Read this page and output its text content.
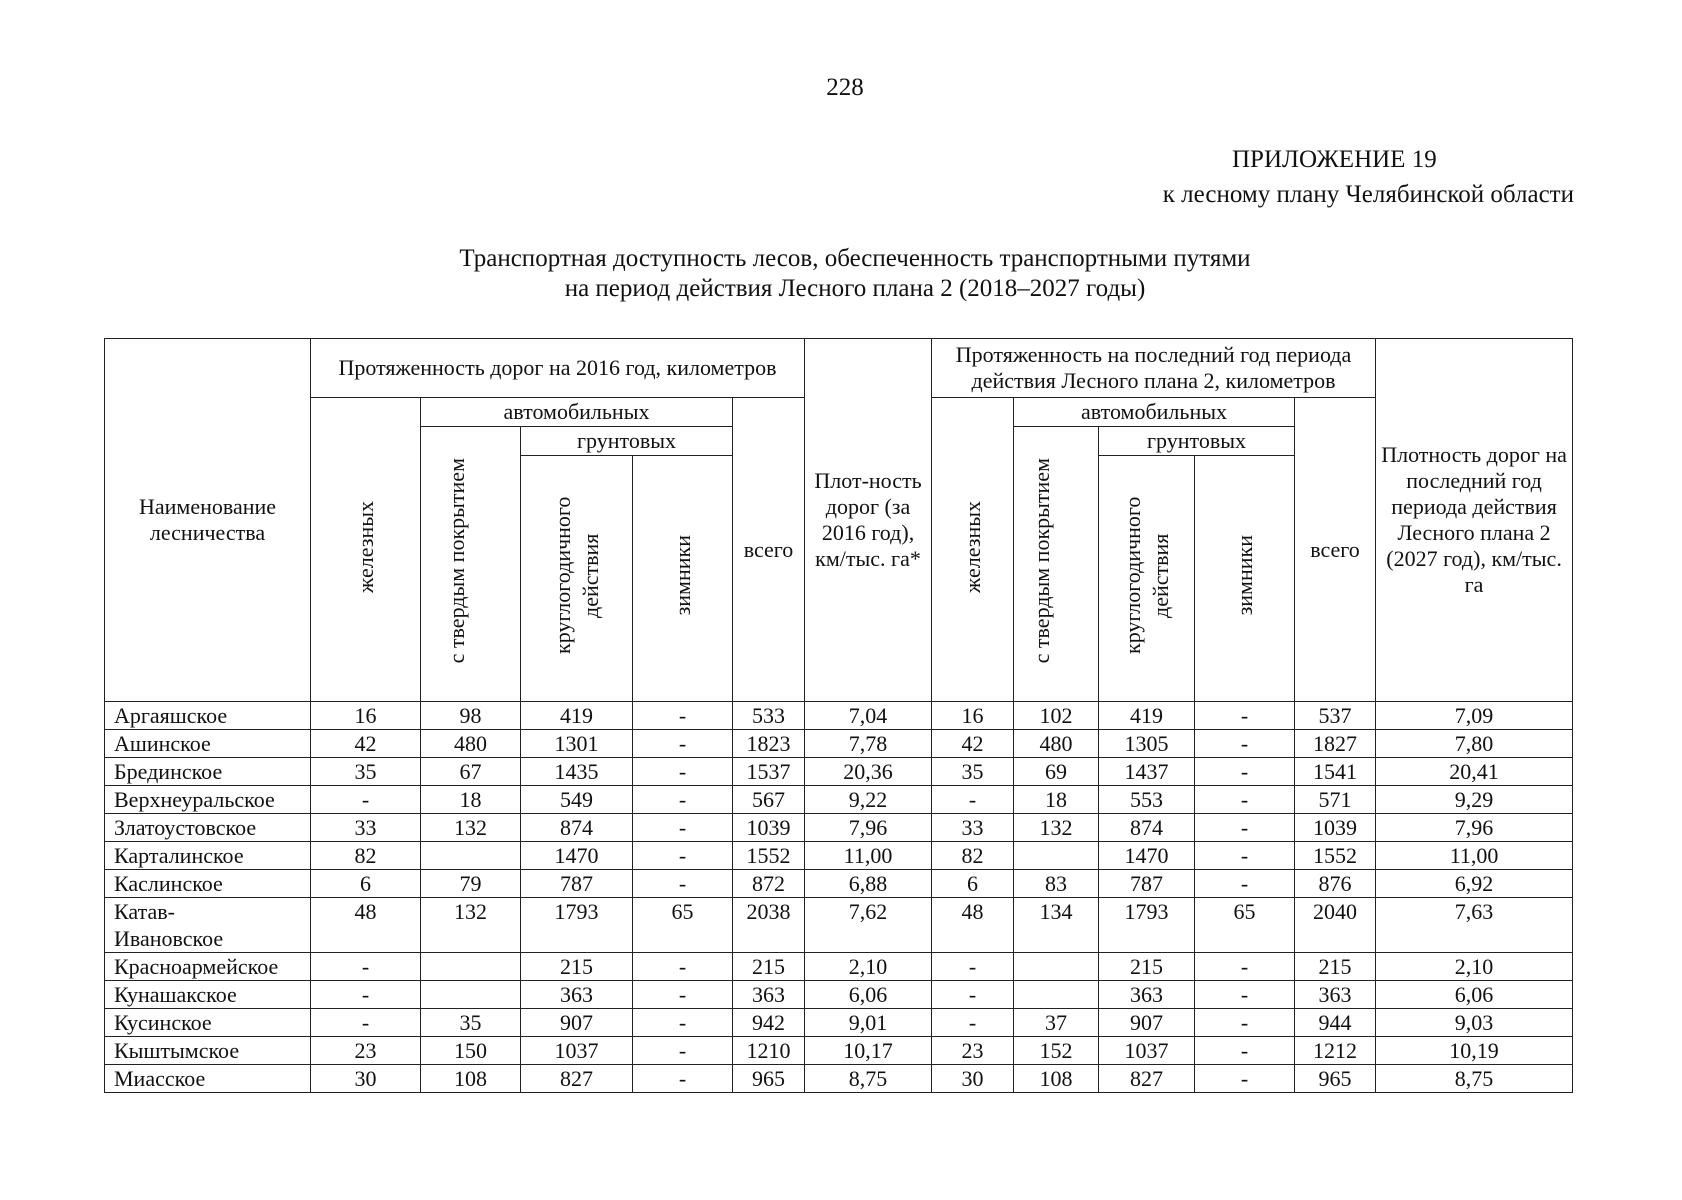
228
ПРИЛОЖЕНИЕ 19
к лесному плану Челябинской области
Транспортная доступность лесов, обеспеченность транспортными путями
на период действия Лесного плана 2 (2018–2027 годы)
Наименование лесничества	Протяженность дорог на 2016 год, километров					Плот-ность дорог (за 2016 год), км/тыс. га*	Протяженность на последний год периода действия Лесного плана 2, километров					Плотность дорог на последний год периода действия Лесного плана 2 (2027 год), км/тыс. га

	железных	автомобильных			всего		железных	автомобильных			всего	
		с твердым покрытием	грунтовых					с твердым покрытием	грунтовых			
			круглогодичного действия	зимники					круглогодичного действия	зимники		
Аргаяшское	16	98	419	-	533	7,04	16	102	419	-	537	7,09
Ашинское	42	480	1301	-	1823	7,78	42	480	1305	-	1827	7,80
Брединское	35	67	1435	-	1537	20,36	35	69	1437	-	1541	20,41
Верхнеуральское	-	18	549	-	567	9,22	-	18	553	-	571	9,29
Златоустовское	33	132	874	-	1039	7,96	33	132	874	-	1039	7,96
Карталинское	82		1470	-	1552	11,00	82		1470	-	1552	11,00
Каслинское	6	79	787	-	872	6,88	6	83	787	-	876	6,92
Катав-Ивановское	48	132	1793	65	2038	7,62	48	134	1793	65	2040	7,63
Красноармейское	-		215	-	215	2,10	-		215	-	215	2,10
Кунашакское	-		363	-	363	6,06	-		363	-	363	6,06
Кусинское	-	35	907	-	942	9,01	-	37	907	-	944	9,03
Кыштымское	23	150	1037	-	1210	10,17	23	152	1037	-	1212	10,19
Миасское	30	108	827	-	965	8,75	30	108	827	-	965	8,75
